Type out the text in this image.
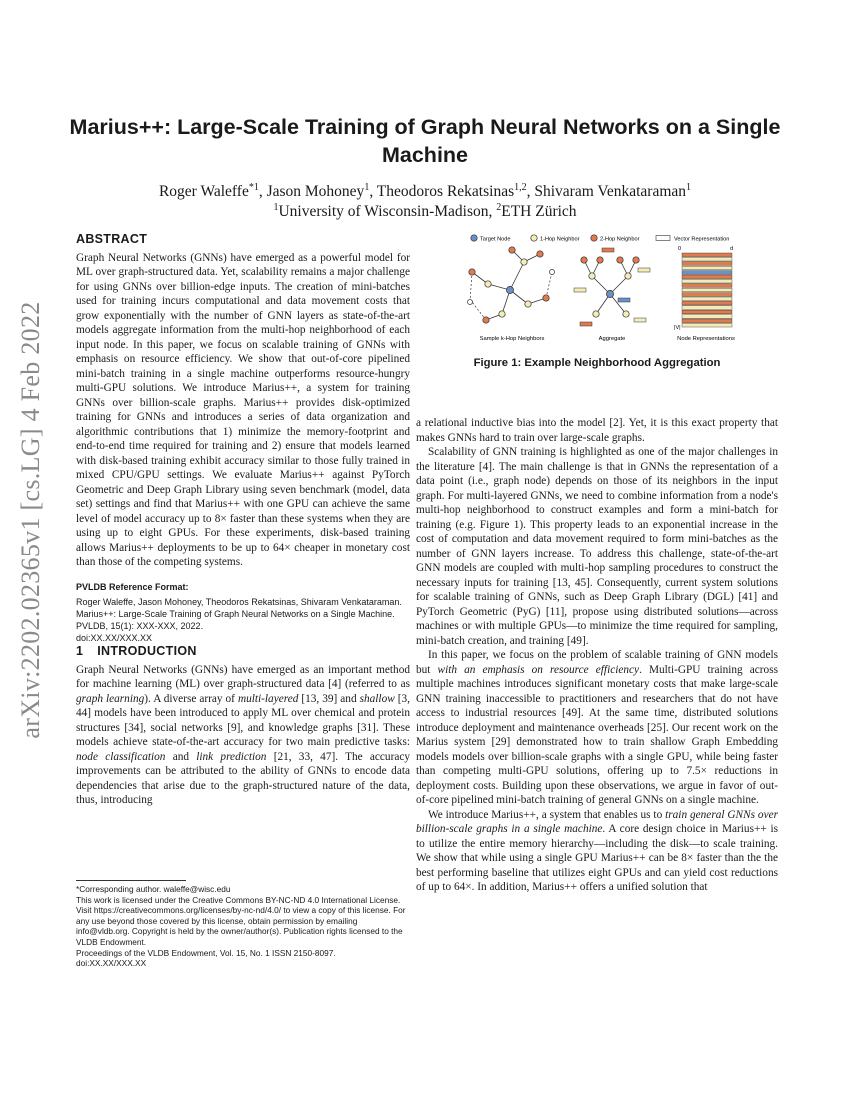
arXiv:2202.02365v1 [cs.LG] 4 Feb 2022
Marius++: Large-Scale Training of Graph Neural Networks on a Single Machine
Roger Waleffe$^{*1}$, Jason Mohoney$^1$, Theodoros Rekatsinas$^{1,2}$, Shivaram Venkataraman$^1$
$^1$University of Wisconsin-Madison, $^2$ETH Zürich
ABSTRACT

Graph Neural Networks (GNNs) have emerged as a powerful model for ML over graph-structured data. Yet, scalability remains a major challenge for using GNNs over billion-edge inputs. The creation of mini-batches used for training incurs computational and data movement costs that grow exponentially with the number of GNN layers as state-of-the-art models aggregate information from the multi-hop neighborhood of each input node. In this paper, we focus on scalable training of GNNs with emphasis on resource efficiency. We show that out-of-core pipelined mini-batch training in a single machine outperforms resource-hungry multi-GPU solutions. We introduce Marius++, a system for training GNNs over billion-scale graphs. Marius++ provides disk-optimized training for GNNs and introduces a series of data organization and algorithmic contributions that 1) minimize the memory-footprint and end-to-end time required for training and 2) ensure that models learned with disk-based training exhibit accuracy similar to those fully trained in mixed CPU/GPU settings. We evaluate Marius++ against PyTorch Geometric and Deep Graph Library using seven benchmark (model, data set) settings and find that Marius++ with one GPU can achieve the same level of model accuracy up to 8× faster than these systems when they are using up to eight GPUs. For these experiments, disk-based training allows Marius++ deployments to be up to 64× cheaper in monetary cost than those of the competing systems.

PVLDB Reference Format:
Roger Waleffe, Jason Mohoney, Theodoros Rekatsinas, Shivaram Venkataraman. Marius++: Large-Scale Training of Graph Neural Networks on a Single Machine. PVLDB, 15(1): XXX-XXX, 2022.
doi:XX.XX/XXX.XX
1 INTRODUCTION

Graph Neural Networks (GNNs) have emerged as an important method for machine learning (ML) over graph-structured data [4] (referred to as graph learning). A diverse array of multi-layered [13, 39] and shallow [3, 44] models have been introduced to apply ML over chemical and protein structures [34], social networks [9], and knowledge graphs [31]. These models achieve state-of-the-art accuracy for two main predictive tasks: node classification and link prediction [21, 33, 47]. The accuracy improvements can be attributed to the ability of GNNs to encode data dependencies that arise due to the graph-structured nature of the data, thus, introducing

*Corresponding author. waleffe@wisc.edu

This work is licensed under the Creative Commons BY-NC-ND 4.0 International License. Visit https://creativecommons.org/licenses/by-nc-nd/4.0/ to view a copy of this license. For any use beyond those covered by this license, obtain permission by emailing info@vldb.org. Copyright is held by the owner/author(s). Publication rights licensed to the VLDB Endowment.

Proceedings of the VLDB Endowment, Vol. 15, No. 1 ISSN 2150-8097.

doi:XX.XX/XXX.XX

Target Node	1-Hop Neighbor	2-Hop Neighbor	Vector Representation
Sample k-Hop Neighbors	Aggregate
0	d
|V|
Node Representations
Figure 1: Example Neighborhood Aggregation

a relational inductive bias into the model [2]. Yet, it is this exact property that makes GNNs hard to train over large-scale graphs.

Scalability of GNN training is highlighted as one of the major challenges in the literature [4]. The main challenge is that in GNNs the representation of a data point (i.e., graph node) depends on those of its neighbors in the input graph. For multi-layered GNNs, we need to combine information from a node's multi-hop neighborhood to construct examples and form a mini-batch for training (e.g. Figure 1). This property leads to an exponential increase in the cost of computation and data movement required to form mini-batches as the number of GNN layers increase. To address this challenge, state-of-the-art GNN models are coupled with multi-hop sampling procedures to construct the necessary inputs for training [13, 45]. Consequently, current system solutions for scalable training of GNNs, such as Deep Graph Library (DGL) [41] and PyTorch Geometric (PyG) [11], propose using distributed solutions—across machines or with multiple GPUs—to minimize the time required for sampling, mini-batch creation, and training [49].

In this paper, we focus on the problem of scalable training of GNN models but with an emphasis on resource efficiency. Multi-GPU training across multiple machines introduces significant monetary costs that make large-scale GNN training inaccessible to practitioners and researchers that do not have access to industrial resources [49]. At the same time, distributed solutions introduce deployment and maintenance overheads [25]. Our recent work on the Marius system [29] demonstrated how to train shallow Graph Embedding models models over billion-scale graphs with a single GPU, while being faster than competing multi-GPU solutions, offering up to 7.5× reductions in deployment costs. Building upon these observations, we argue in favor of out-of-core pipelined mini-batch training of general GNNs on a single machine.

We introduce Marius++, a system that enables us to train general GNNs over billion-scale graphs in a single machine. A core design choice in Marius++ is to utilize the entire memory hierarchy—including the disk—to scale training. We show that while using a single GPU Marius++ can be 8× faster than the the best performing baseline that utilizes eight GPUs and can yield cost reductions of up to 64×. In addition, Marius++ offers a unified solution that
